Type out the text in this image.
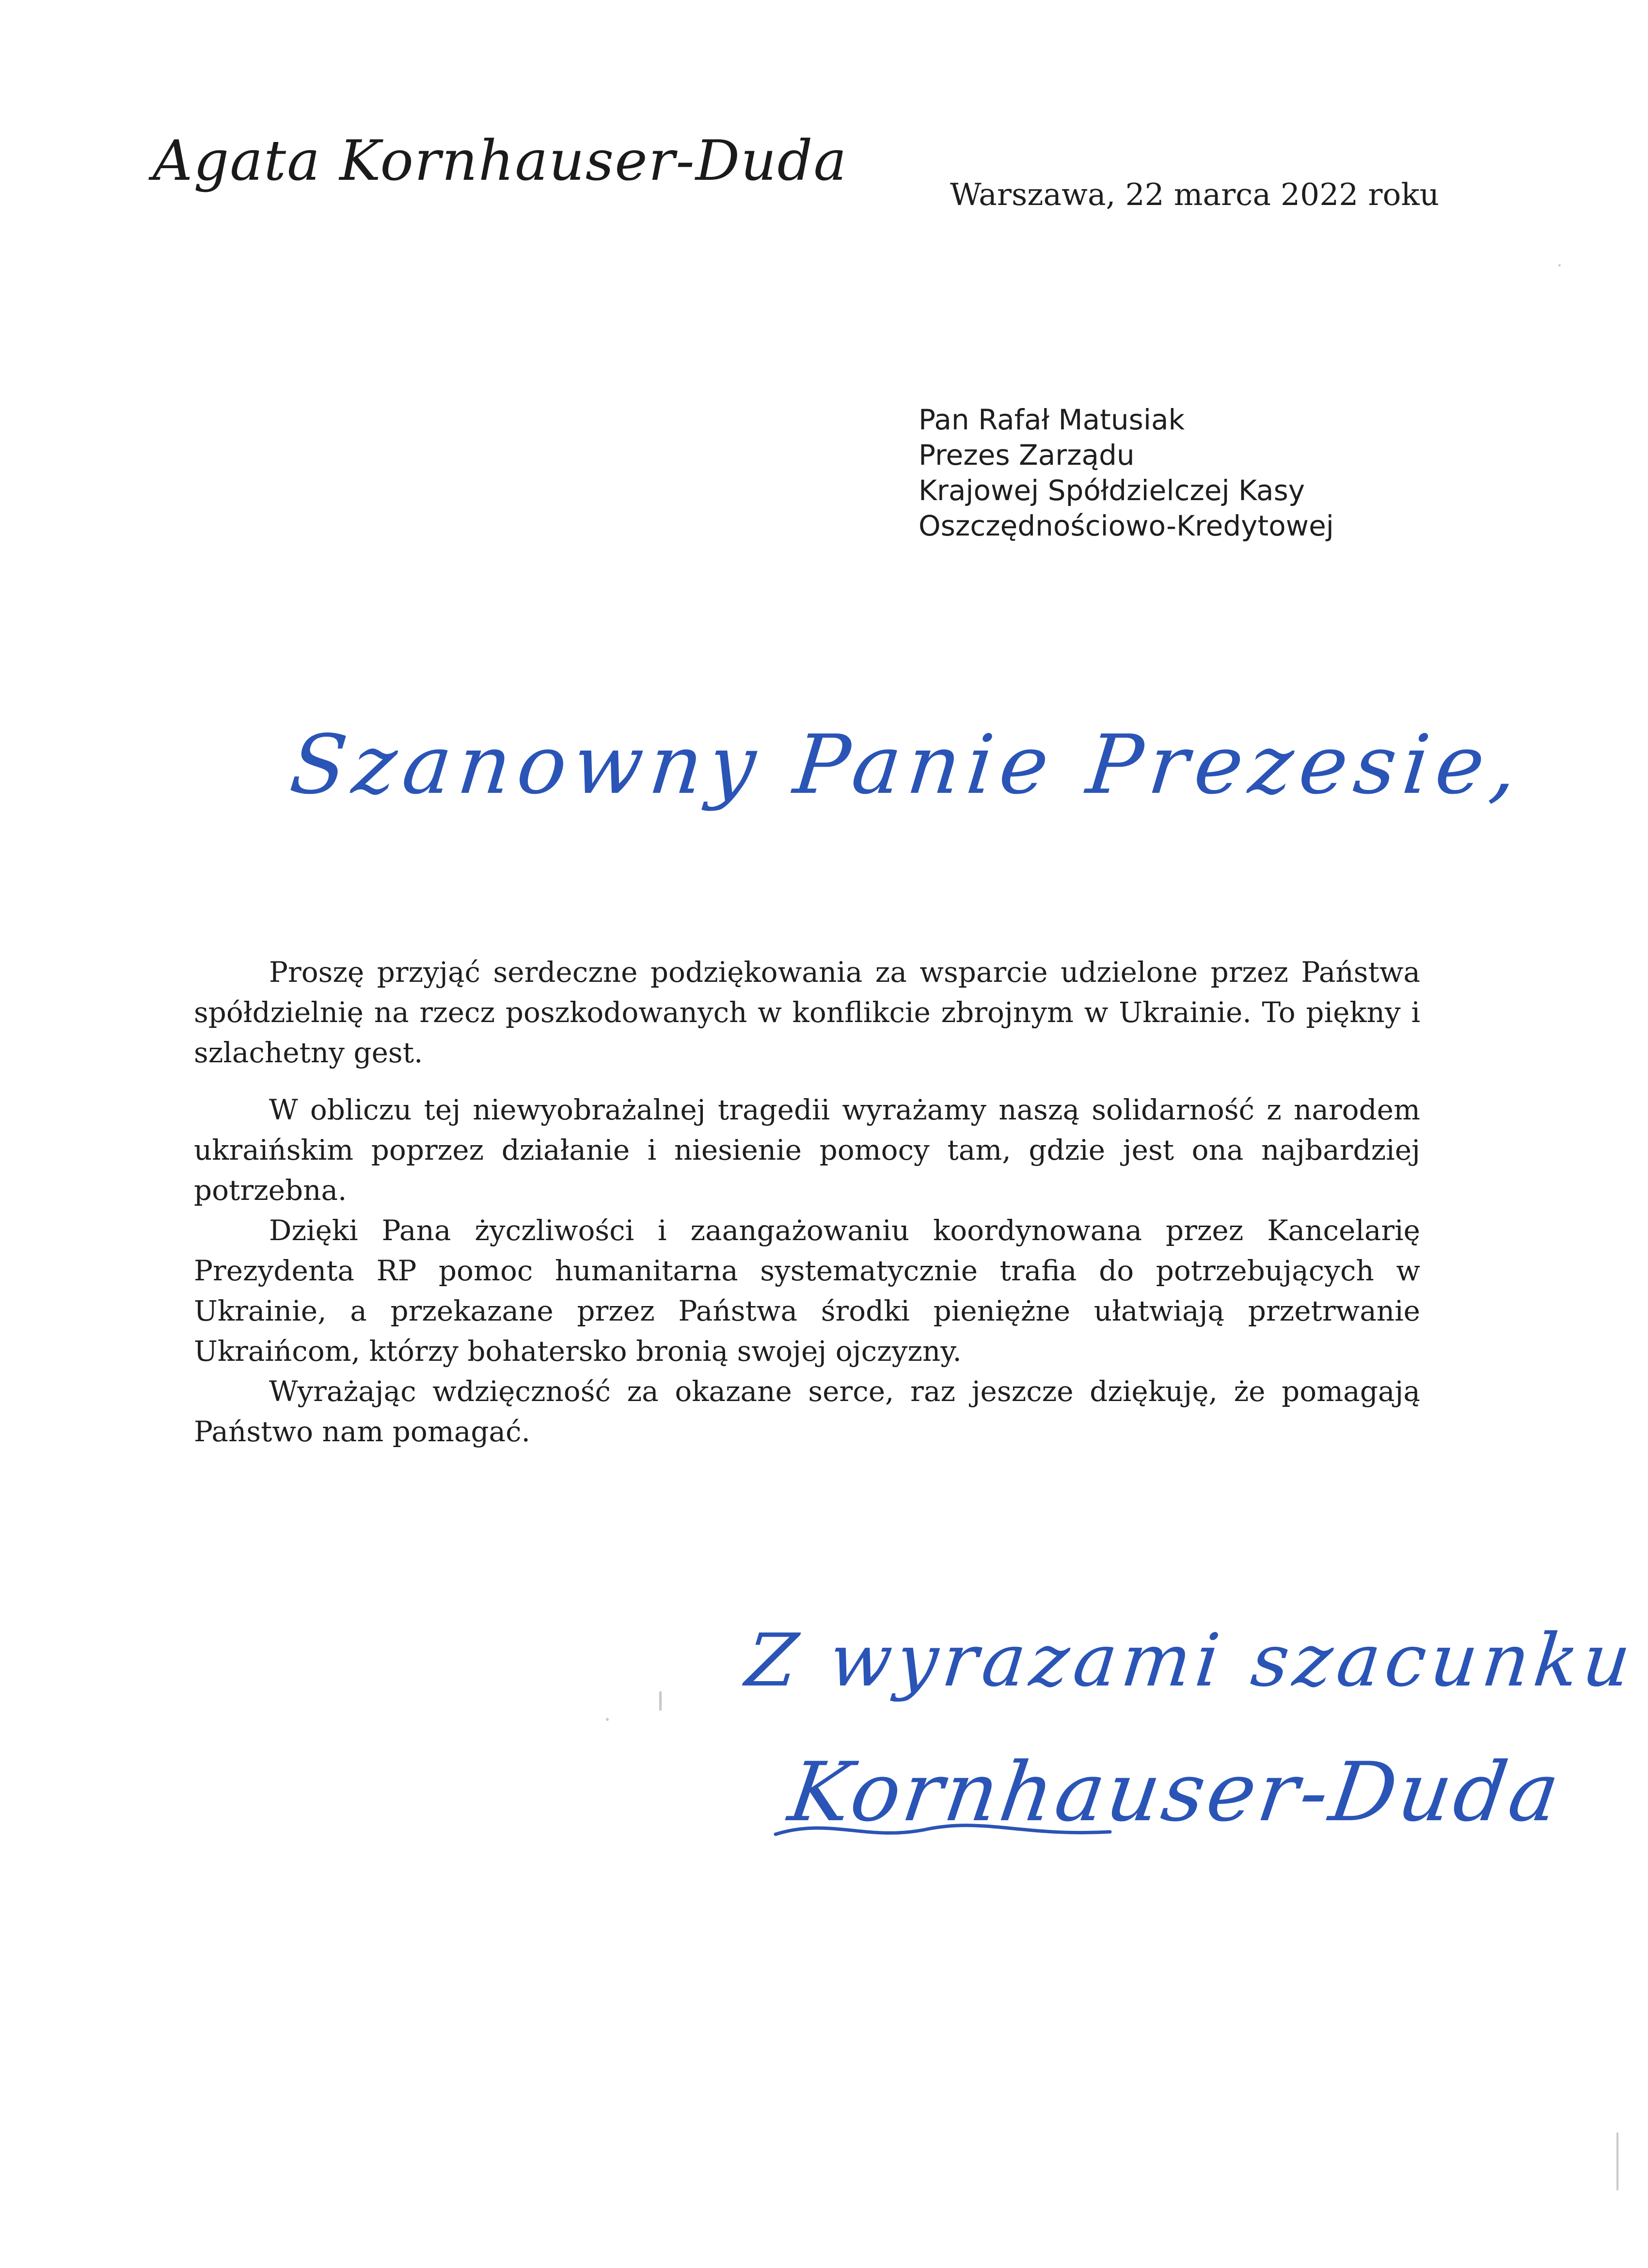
Agata Kornhauser-Duda
Warszawa, 22 marca 2022 roku
Pan Rafał Matusiak
Prezes Zarządu
Krajowej Spółdzielczej Kasy
Oszczędnościowo-Kredytowej
Szanowny Panie Prezesie,

Proszę przyjąć serdeczne podziękowania za wsparcie udzielone przez Państwa spółdzielnię na rzecz poszkodowanych w konflikcie zbrojnym w Ukrainie. To piękny i szlachetny gest.

W obliczu tej niewyobrażalnej tragedii wyrażamy naszą solidarność z narodem ukraińskim poprzez działanie i niesienie pomocy tam, gdzie jest ona najbardziej potrzebna.

Dzięki Pana życzliwości i zaangażowaniu koordynowana przez Kancelarię Prezydenta RP pomoc humanitarna systematycznie trafia do potrzebujących w Ukrainie, a przekazane przez Państwa środki pieniężne ułatwiają przetrwanie Ukraińcom, którzy bohatersko bronią swojej ojczyzny.

Wyrażając wdzięczność za okazane serce, raz jeszcze dziękuję, że pomagają Państwo nam pomagać.

Z wyrazami szacunku
Kornhauser-Duda
